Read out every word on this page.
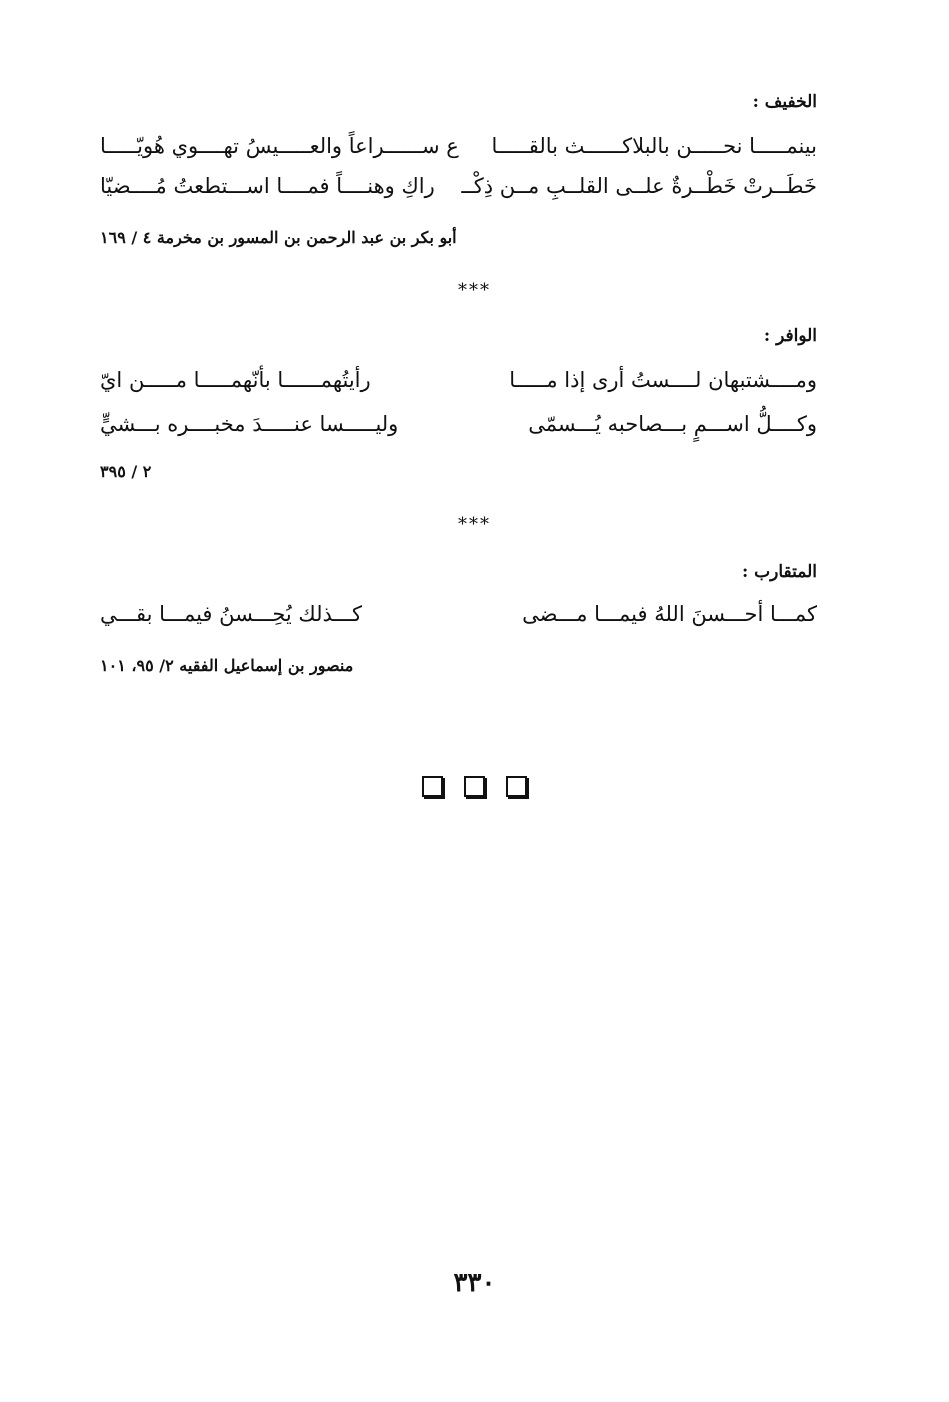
الخفيف :
بينمـــــا نحـــــن بالبلاكــــــث بالقـــــا
ع ســــــراعاً والعـــــيسُ تهــــوي هُويّـــــا
خَطَــرتْ خَطْــرةٌ علــى القلــبِ مــن ذِكْــ
راكِ وهنــــاً فمــــا اســـتطعتُ مُــــضيّا
أبو بكر بن عبد الرحمن بن المسور بن مخرمة ٤ / ١٦٩
***
الوافر :
ومــــشتبهان لــــستُ أرى إذا مـــــا
رأيتُهمــــــا بأنّهمـــــا مـــــن ايّ
وكــــلُّ اســـمٍ بـــصاحبه يُـــسمّى
وليـــــسا عنـــــدَ مخبــــره بـــشيٍّ
٢ / ٣٩٥
***
المتقارب :
كمـــا أحـــسنَ اللهُ فيمـــا مـــضى
كـــذلك يُحِـــسنُ فيمـــا بقـــي
منصور بن إسماعيل الفقيه ٢/ ٩٥، ١٠١

٣٣٠
